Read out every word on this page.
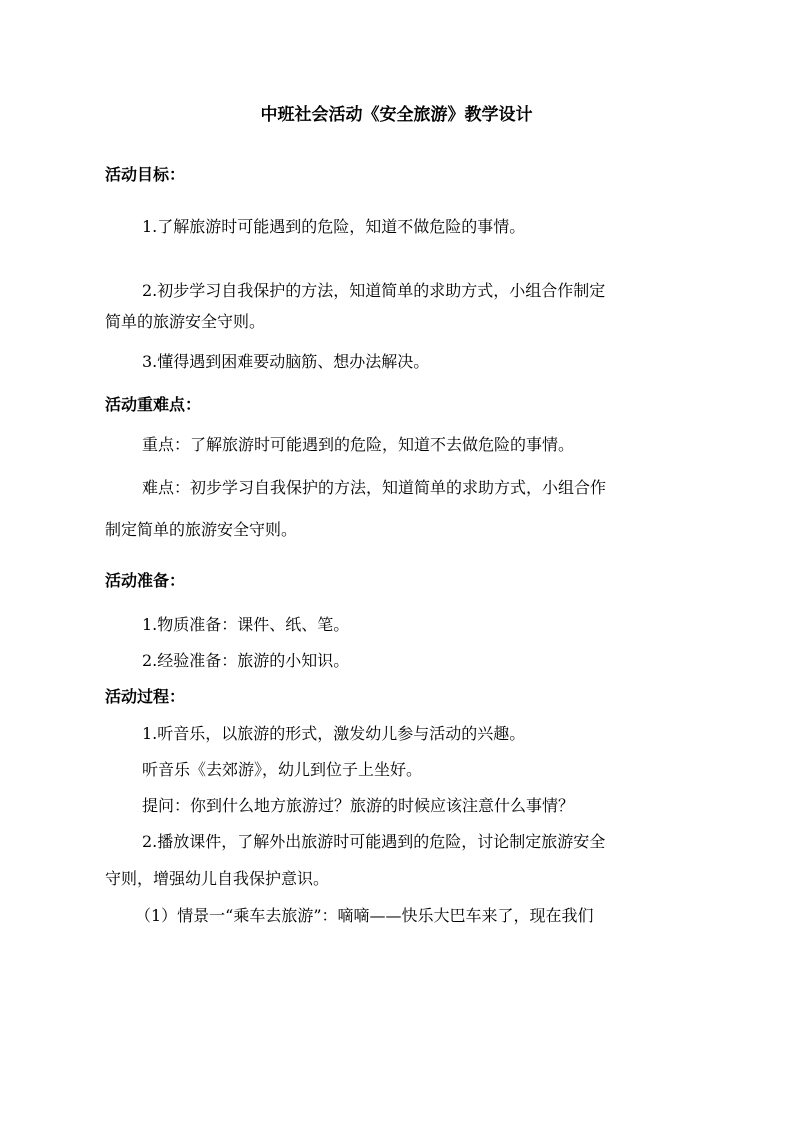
中班社会活动《安全旅游》教学设计
活动目标：
1.了解旅游时可能遇到的危险，知道不做危险的事情。
2.初步学习自我保护的方法，知道简单的求助方式，小组合作制定
简单的旅游安全守则。
3.懂得遇到困难要动脑筋、想办法解决。
活动重难点：
重点：了解旅游时可能遇到的危险，知道不去做危险的事情。
难点：初步学习自我保护的方法，知道简单的求助方式，小组合作
制定简单的旅游安全守则。
活动准备：
1.物质准备：课件、纸、笔。
2.经验准备：旅游的小知识。
活动过程：
1.听音乐，以旅游的形式，激发幼儿参与活动的兴趣。
听音乐《去郊游》，幼儿到位子上坐好。
提问：你到什么地方旅游过？旅游的时候应该注意什么事情？
2.播放课件，了解外出旅游时可能遇到的危险，讨论制定旅游安全
守则，增强幼儿自我保护意识。
（1）情景一“乘车去旅游”：嘀嘀——快乐大巴车来了，现在我们
